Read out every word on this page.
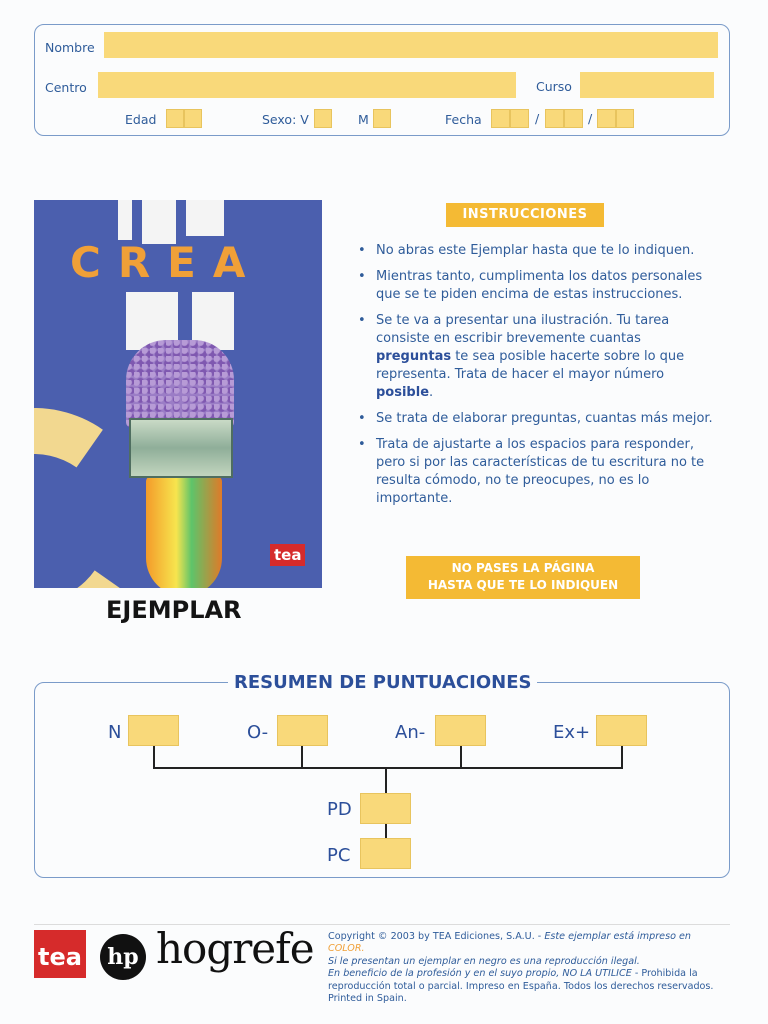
Nombre
Centro	Curso
Edad	Sexo: V	M	Fecha	/	/
CREA
tea
EJEMPLAR
INSTRUCCIONES
• No abras este Ejemplar hasta que te lo indiquen.
• Mientras tanto, cumplimenta los datos personales que se te piden encima de estas instrucciones.
• Se te va a presentar una ilustración. Tu tarea consiste en escribir brevemente cuantas preguntas te sea posible hacerte sobre lo que representa. Trata de hacer el mayor número posible.
• Se trata de elaborar preguntas, cuantas más mejor.
• Trata de ajustarte a los espacios para responder, pero si por las características de tu escritura no te resulta cómodo, no te preocupes, no es lo importante.
NO PASES LA PÁGINA
HASTA QUE TE LO INDIQUEN
RESUMEN DE PUNTUACIONES
N	O-	An-	Ex+
PD
PC
tea	hp hogrefe Copyright © 2003 by TEA Ediciones, S.A.U. - Este ejemplar está impreso en COLOR.
Si le presentan un ejemplar en negro es una reproducción ilegal.
En beneficio de la profesión y en el suyo propio, NO LA UTILICE - Prohibida la
reproducción total o parcial. Impreso en España. Todos los derechos reservados.
Printed in Spain.
